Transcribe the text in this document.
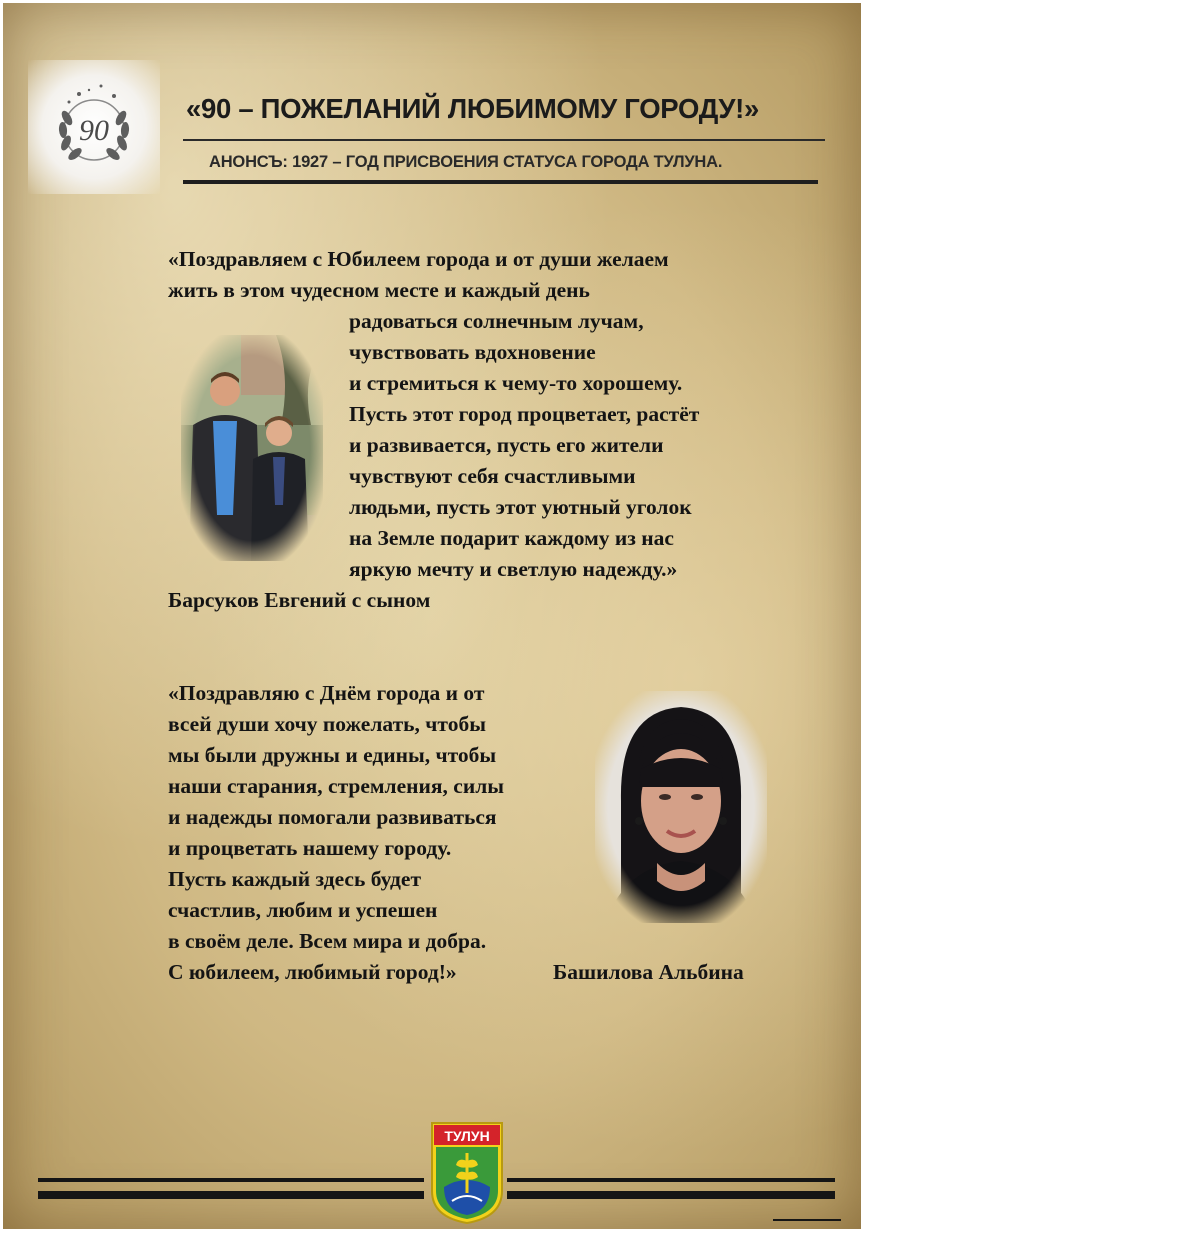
90
«90 – ПОЖЕЛАНИЙ ЛЮБИМОМУ ГОРОДУ!»
АНОНСЪ: 1927 – ГОД ПРИСВОЕНИЯ СТАТУСА ГОРОДА ТУЛУНА.
«Поздравляем с Юбилеем города и от души желаем
жить в этом чудесном месте и каждый день
радоваться солнечным лучам,
чувствовать вдохновение
и стремиться к чему-то хорошему.
Пусть этот город процветает, растёт
и развивается, пусть его жители
чувствуют себя счастливыми
людьми, пусть этот уютный уголок
на Земле подарит каждому из нас
яркую мечту и светлую надежду.»
Барсуков Евгений с сыном
«Поздравляю с Днём города и от
всей души хочу пожелать, чтобы
мы были дружны и едины, чтобы
наши старания, стремления, силы
и надежды помогали развиваться
и процветать нашему городу.
Пусть каждый здесь будет
счастлив, любим и успешен
в своём деле. Всем мира и добра.
С юбилеем, любимый город!»	Башилова Альбина
ТУЛУН
